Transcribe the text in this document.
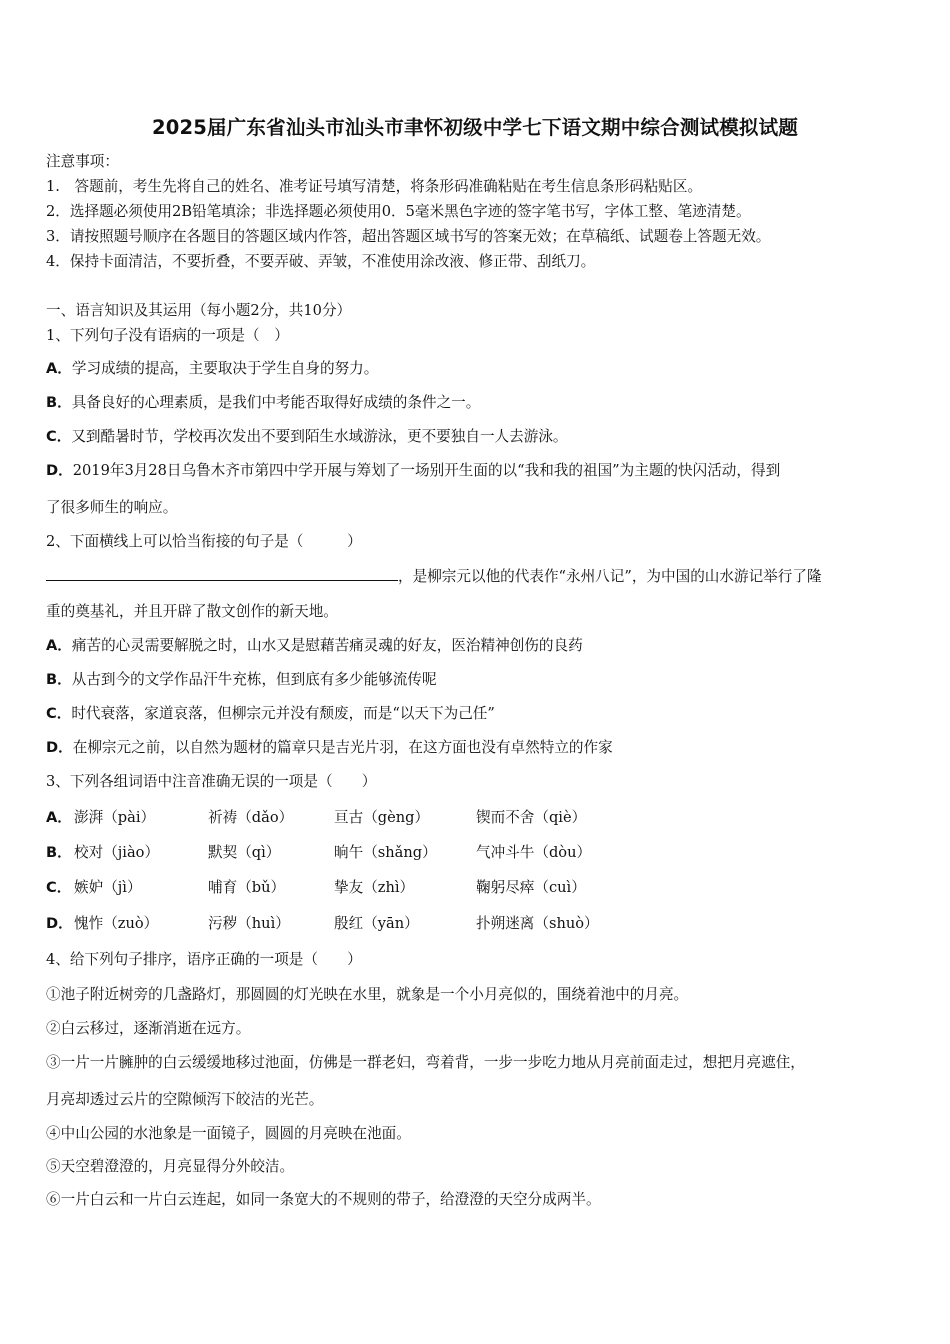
2025届广东省汕头市汕头市聿怀初级中学七下语文期中综合测试模拟试题
注意事项：
1.　答题前，考生先将自己的姓名、准考证号填写清楚，将条形码准确粘贴在考生信息条形码粘贴区。
2．选择题必须使用2B铅笔填涂；非选择题必须使用0．5毫米黑色字迹的签字笔书写，字体工整、笔迹清楚。
3．请按照题号顺序在各题目的答题区域内作答，超出答题区域书写的答案无效；在草稿纸、试题卷上答题无效。
4．保持卡面清洁，不要折叠，不要弄破、弄皱，不准使用涂改液、修正带、刮纸刀。
一、语言知识及其运用（每小题2分，共10分）
1、下列句子没有语病的一项是（　）
A．学习成绩的提高，主要取决于学生自身的努力。
B．具备良好的心理素质，是我们中考能否取得好成绩的条件之一。
C．又到酷暑时节，学校再次发出不要到陌生水域游泳，更不要独自一人去游泳。
D．2019年3月28日乌鲁木齐市第四中学开展与筹划了一场别开生面的以“我和我的祖国”为主题的快闪活动，得到
了很多师生的响应。
2、下面横线上可以恰当衔接的句子是（　　　）
，是柳宗元以他的代表作“永州八记”，为中国的山水游记举行了隆
重的奠基礼，并且开辟了散文创作的新天地。
A．痛苦的心灵需要解脱之时，山水又是慰藉苦痛灵魂的好友，医治精神创伤的良药
B．从古到今的文学作品汗牛充栋，但到底有多少能够流传呢
C．时代衰落，家道哀落，但柳宗元并没有颓废，而是“以天下为己任”
D．在柳宗元之前，以自然为题材的篇章只是吉光片羽，在这方面也没有卓然特立的作家
3、下列各组词语中注音准确无误的一项是（　　）
A． 澎湃（pài）	祈祷（dǎo）	亘古（gèng）	锲而不舍（qiè）
B． 校对（jiào）	默契（qì）	晌午（shǎng）	气冲斗牛（dòu）
C． 嫉妒（jì）	哺育（bǔ）	挚友（zhì）	鞠躬尽瘁（cuì）
D． 愧怍（zuò）	污秽（huì）	殷红（yān）	扑朔迷离（shuò）
4、给下列句子排序，语序正确的一项是（　　）
①池子附近树旁的几盏路灯，那圆圆的灯光映在水里，就象是一个小月亮似的，围绕着池中的月亮。
②白云移过，逐渐消逝在远方。
③一片一片臃肿的白云缓缓地移过池面，仿佛是一群老妇，弯着背，一步一步吃力地从月亮前面走过，想把月亮遮住，
月亮却透过云片的空隙倾泻下皎洁的光芒。
④中山公园的水池象是一面镜子，圆圆的月亮映在池面。
⑤天空碧澄澄的，月亮显得分外皎洁。
⑥一片白云和一片白云连起，如同一条宽大的不规则的带子，给澄澄的天空分成两半。
